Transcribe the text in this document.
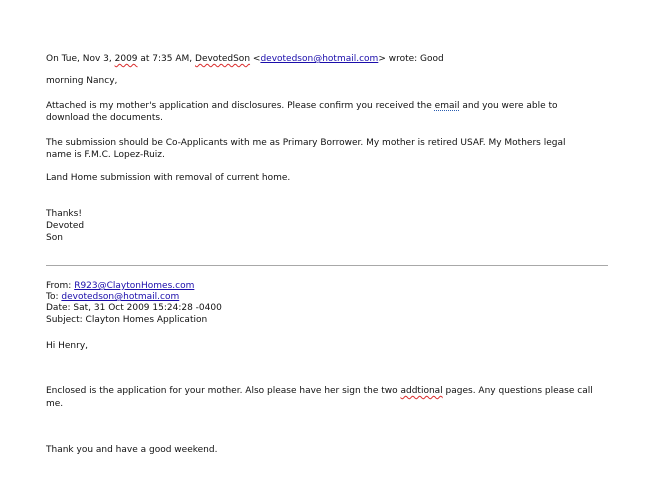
On Tue, Nov 3, 2009 at 7:35 AM, DevotedSon <devotedson@hotmail.com> wrote: Good
morning Nancy,
Attached is my mother's application and disclosures. Please confirm you received the email and you were able to
download the documents.
The submission should be Co-Applicants with me as Primary Borrower. My mother is retired USAF. My Mothers legal
name is F.M.C. Lopez-Ruiz.
Land Home submission with removal of current home.
Thanks!
Devoted
Son
From: R923@ClaytonHomes.com
To: devotedson@hotmail.com
Date: Sat, 31 Oct 2009 15:24:28 -0400
Subject: Clayton Homes Application
Hi Henry,
Enclosed is the application for your mother. Also please have her sign the two addtional pages. Any questions please call
me.
Thank you and have a good weekend.
